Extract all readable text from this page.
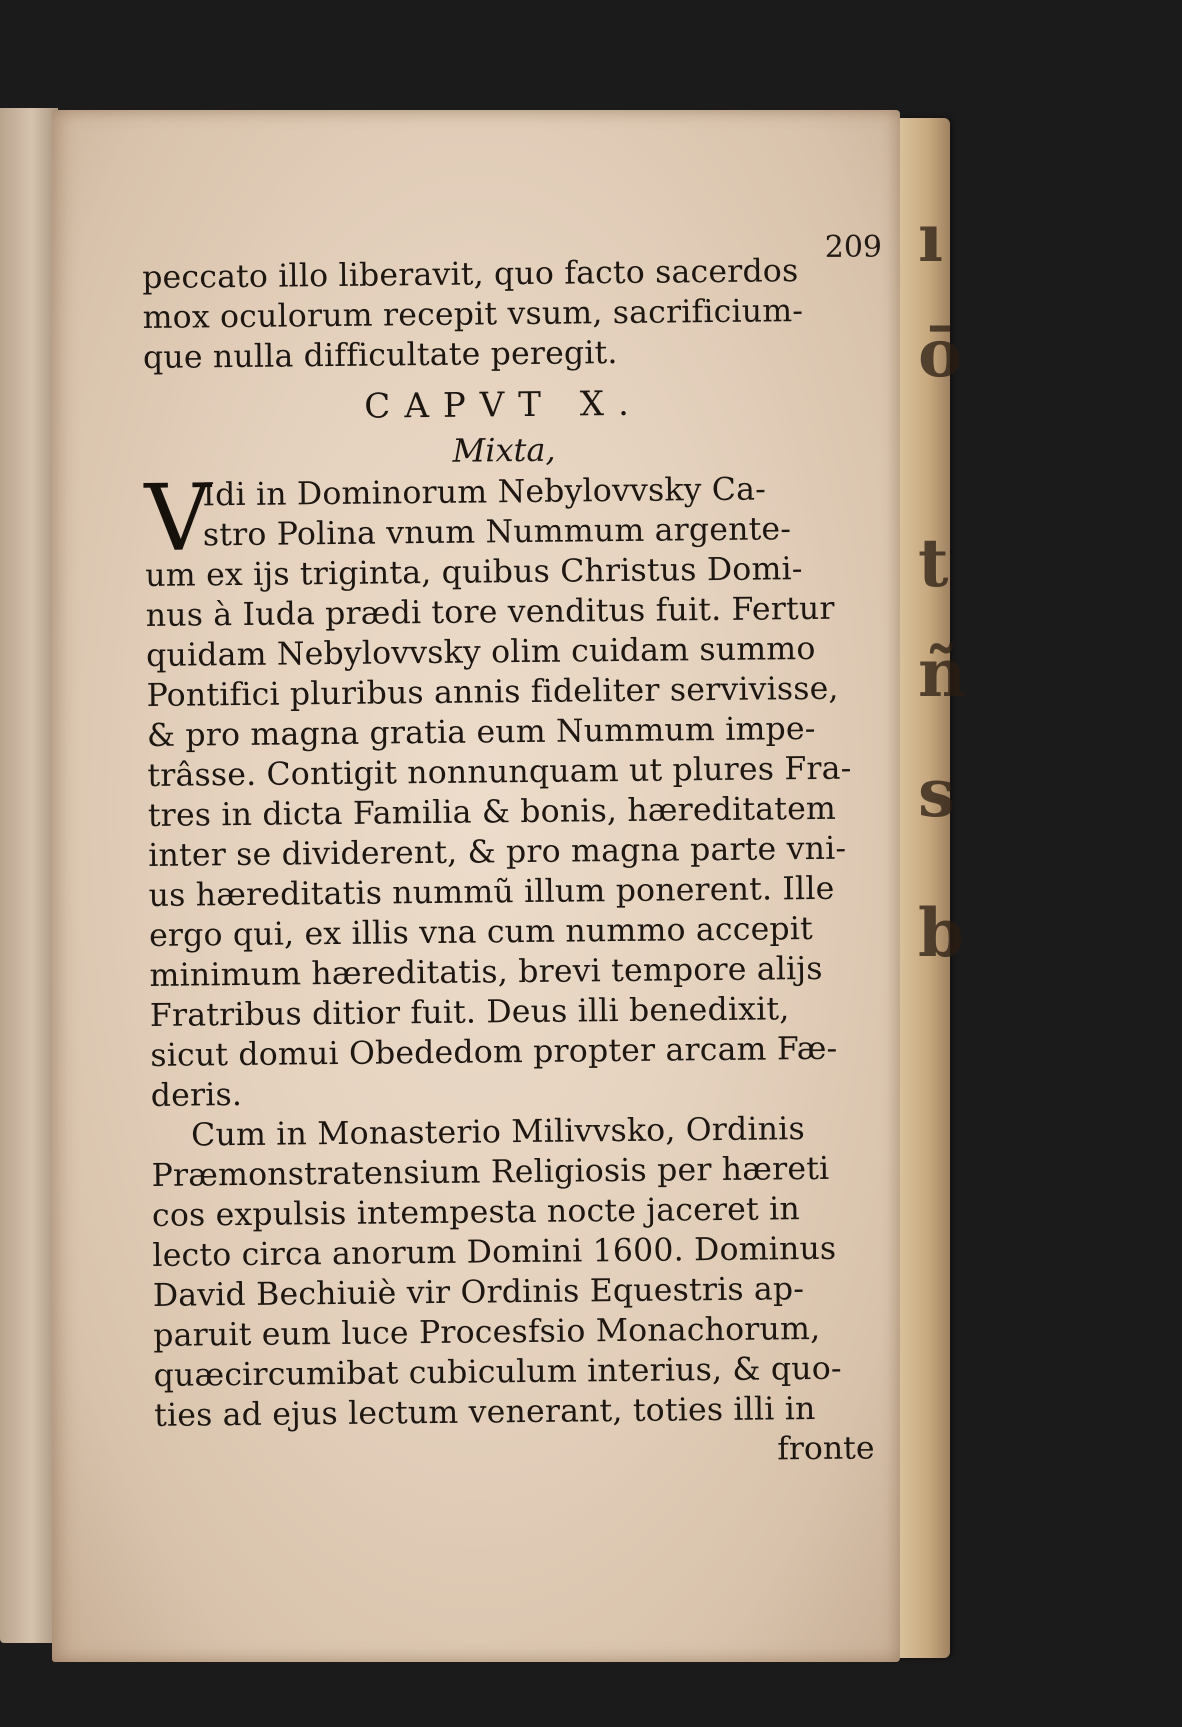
ı
ō
t
ñ
s
b
209
peccato illo liberavit, quo facto sacerdos
mox oculorum recepit vsum, sacrificium-
que nulla difficultate peregit.
CAPVT X.
Mixta,
V
Idi in Dominorum Nebylovvsky Ca-
stro Polina vnum Nummum argente-
um ex ijs triginta, quibus Christus Domi-
nus à Iuda prædi tore venditus fuit. Fertur
quidam Nebylovvsky olim cuidam summo
Pontifici pluribus annis fideliter servivisse,
& pro magna gratia eum Nummum impe-
trâsse. Contigit nonnunquam ut plures Fra-
tres in dicta Familia & bonis, hæreditatem
inter se dividerent, & pro magna parte vni-
us hæreditatis nummũ illum ponerent. Ille
ergo qui, ex illis vna cum nummo accepit
minimum hæreditatis, brevi tempore alijs
Fratribus ditior fuit. Deus illi benedixit,
sicut domui Obededom propter arcam Fæ-
deris.
Cum in Monasterio Milivvsko, Ordinis
Præmonstratensium Religiosis per hæreti
cos expulsis intempesta nocte jaceret in
lecto circa anorum Domini 1600. Dominus
David Bechiuiè vir Ordinis Equestris ap-
paruit eum luce Procesfsio Monachorum,
quæcircumibat cubiculum interius, & quo-
ties ad ejus lectum venerant, toties illi in
fronte
